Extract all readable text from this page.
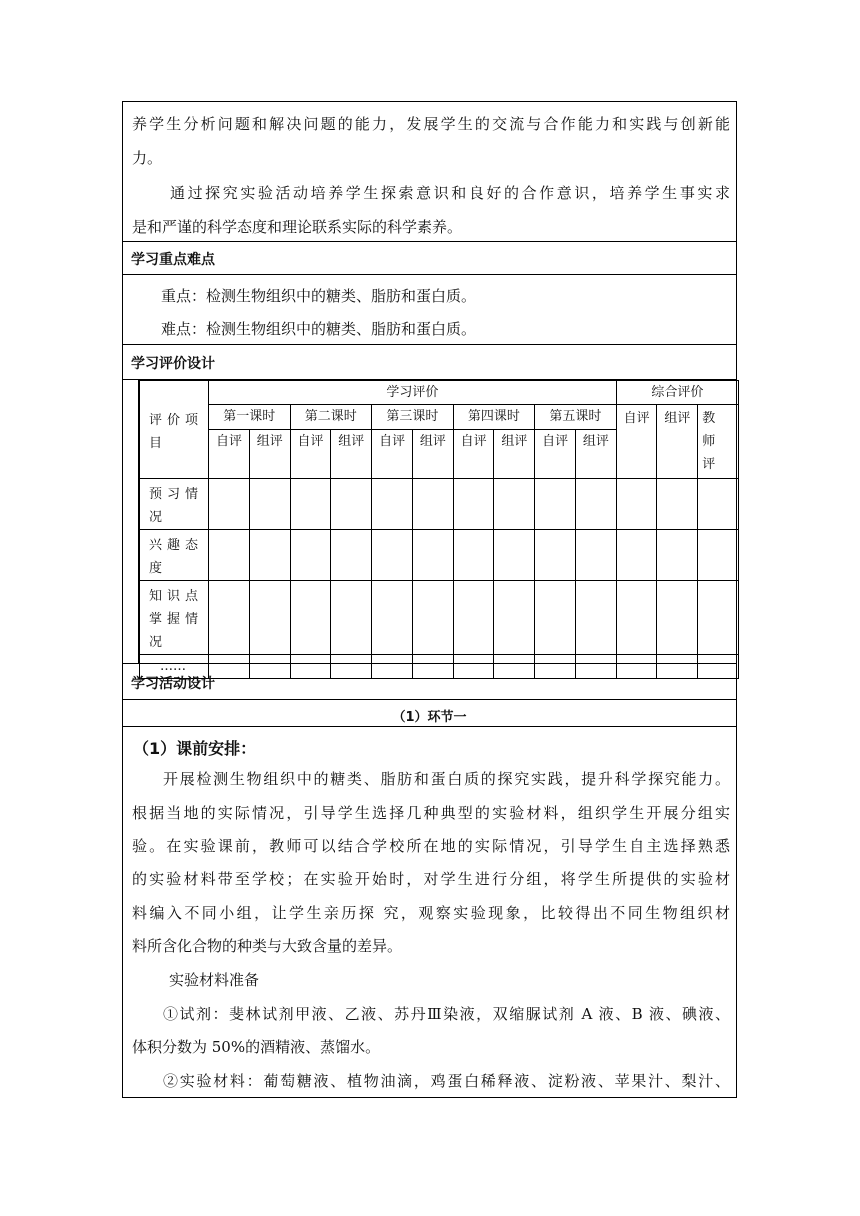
养学生分析问题和解决问题的能力，发展学生的交流与合作能力和实践与创新能
力。
通过探究实验活动培养学生探索意识和良好的合作意识，培养学生事实求
是和严谨的科学态度和理论联系实际的科学素养。
学习重点难点
重点：检测生物组织中的糖类、脂肪和蛋白质。
难点：检测生物组织中的糖类、脂肪和蛋白质。
学习评价设计
评价项目	学习评价										综合评价		
	第一课时		第二课时		第三课时		第四课时		第五课时		自评	组评	教师评
	自评	组评	自评	组评	自评	组评	自评	组评	自评	组评			
预习情况													
兴趣态度													
知识点掌握情况													
……													
学习活动设计
（1）环节一
（1）课前安排：
开展检测生物组织中的糖类、脂肪和蛋白质的探究实践，提升科学探究能力。
根据当地的实际情况，引导学生选择几种典型的实验材料，组织学生开展分组实
验。在实验课前，教师可以结合学校所在地的实际情况，引导学生自主选择熟悉
的实验材料带至学校；在实验开始时，对学生进行分组，将学生所提供的实验材
料编入不同小组，让学生亲历探 究，观察实验现象，比较得出不同生物组织材
料所含化合物的种类与大致含量的差异。
实验材料准备
①试剂：斐林试剂甲液、乙液、苏丹Ⅲ染液，双缩脲试剂 A 液、B 液、碘液、
体积分数为 50%的酒精液、蒸馏水。
②实验材料：葡萄糖液、植物油滴，鸡蛋白稀释液、淀粉液、苹果汁、梨汁、
